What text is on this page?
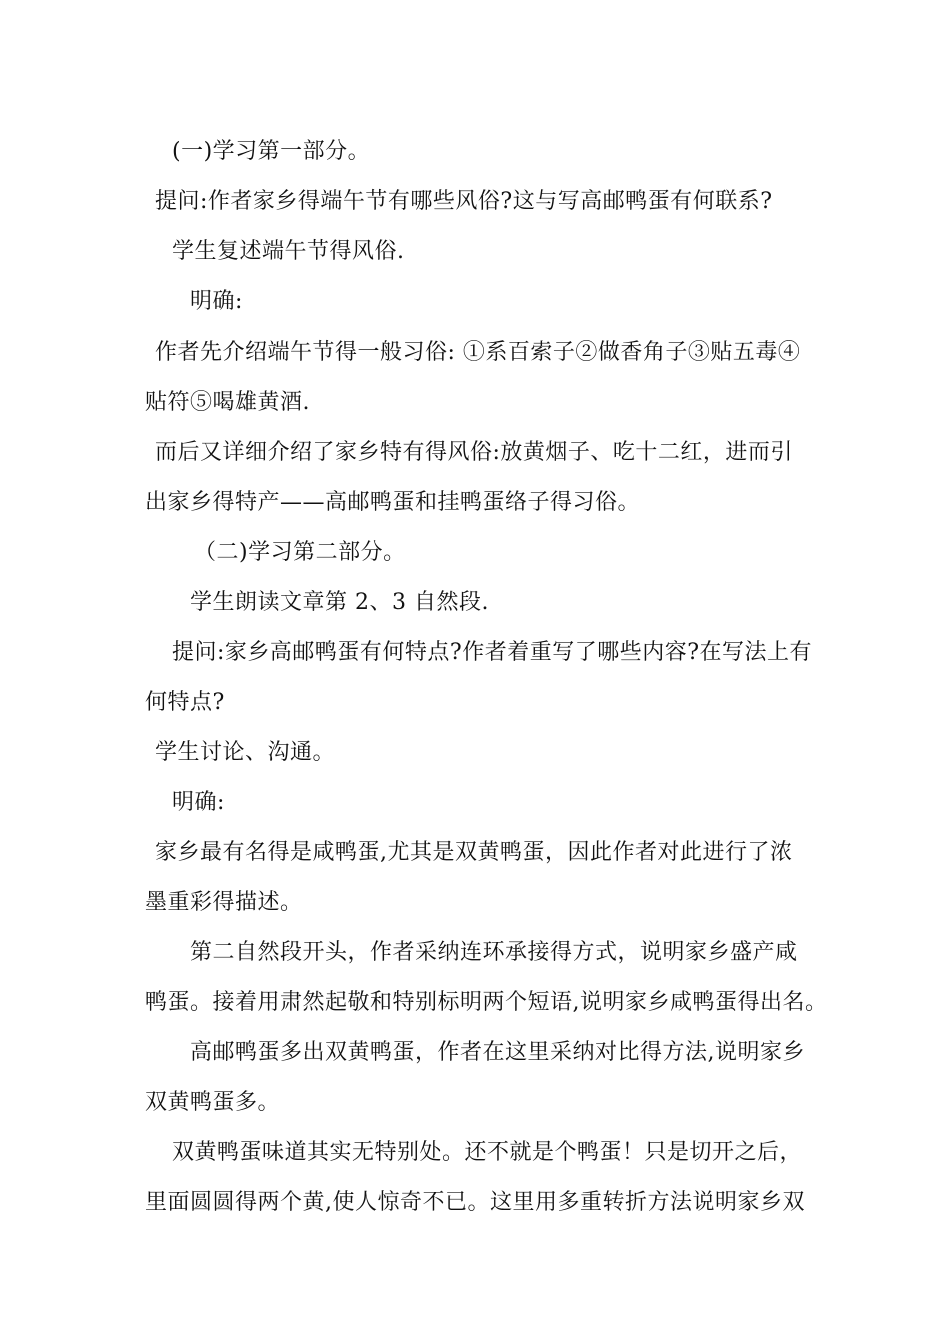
(一)学习第一部分。
提问:作者家乡得端午节有哪些风俗?这与写高邮鸭蛋有何联系?
学生复述端午节得风俗.
明确:
作者先介绍端午节得一般习俗: ①系百索子②做香角子③贴五毒④
贴符⑤喝雄黄酒.
而后又详细介绍了家乡特有得风俗:放黄烟子、吃十二红，进而引
出家乡得特产——高邮鸭蛋和挂鸭蛋络子得习俗。
（二)学习第二部分。
学生朗读文章第 2、3 自然段.
提问:家乡高邮鸭蛋有何特点?作者着重写了哪些内容?在写法上有
何特点?
学生讨论、沟通。
明确:
家乡最有名得是咸鸭蛋,尤其是双黄鸭蛋，因此作者对此进行了浓
墨重彩得描述。
第二自然段开头，作者采纳连环承接得方式，说明家乡盛产咸
鸭蛋。接着用肃然起敬和特别标明两个短语,说明家乡咸鸭蛋得出名。
高邮鸭蛋多出双黄鸭蛋，作者在这里采纳对比得方法,说明家乡
双黄鸭蛋多。
双黄鸭蛋味道其实无特别处。还不就是个鸭蛋！只是切开之后，
里面圆圆得两个黄,使人惊奇不已。这里用多重转折方法说明家乡双
